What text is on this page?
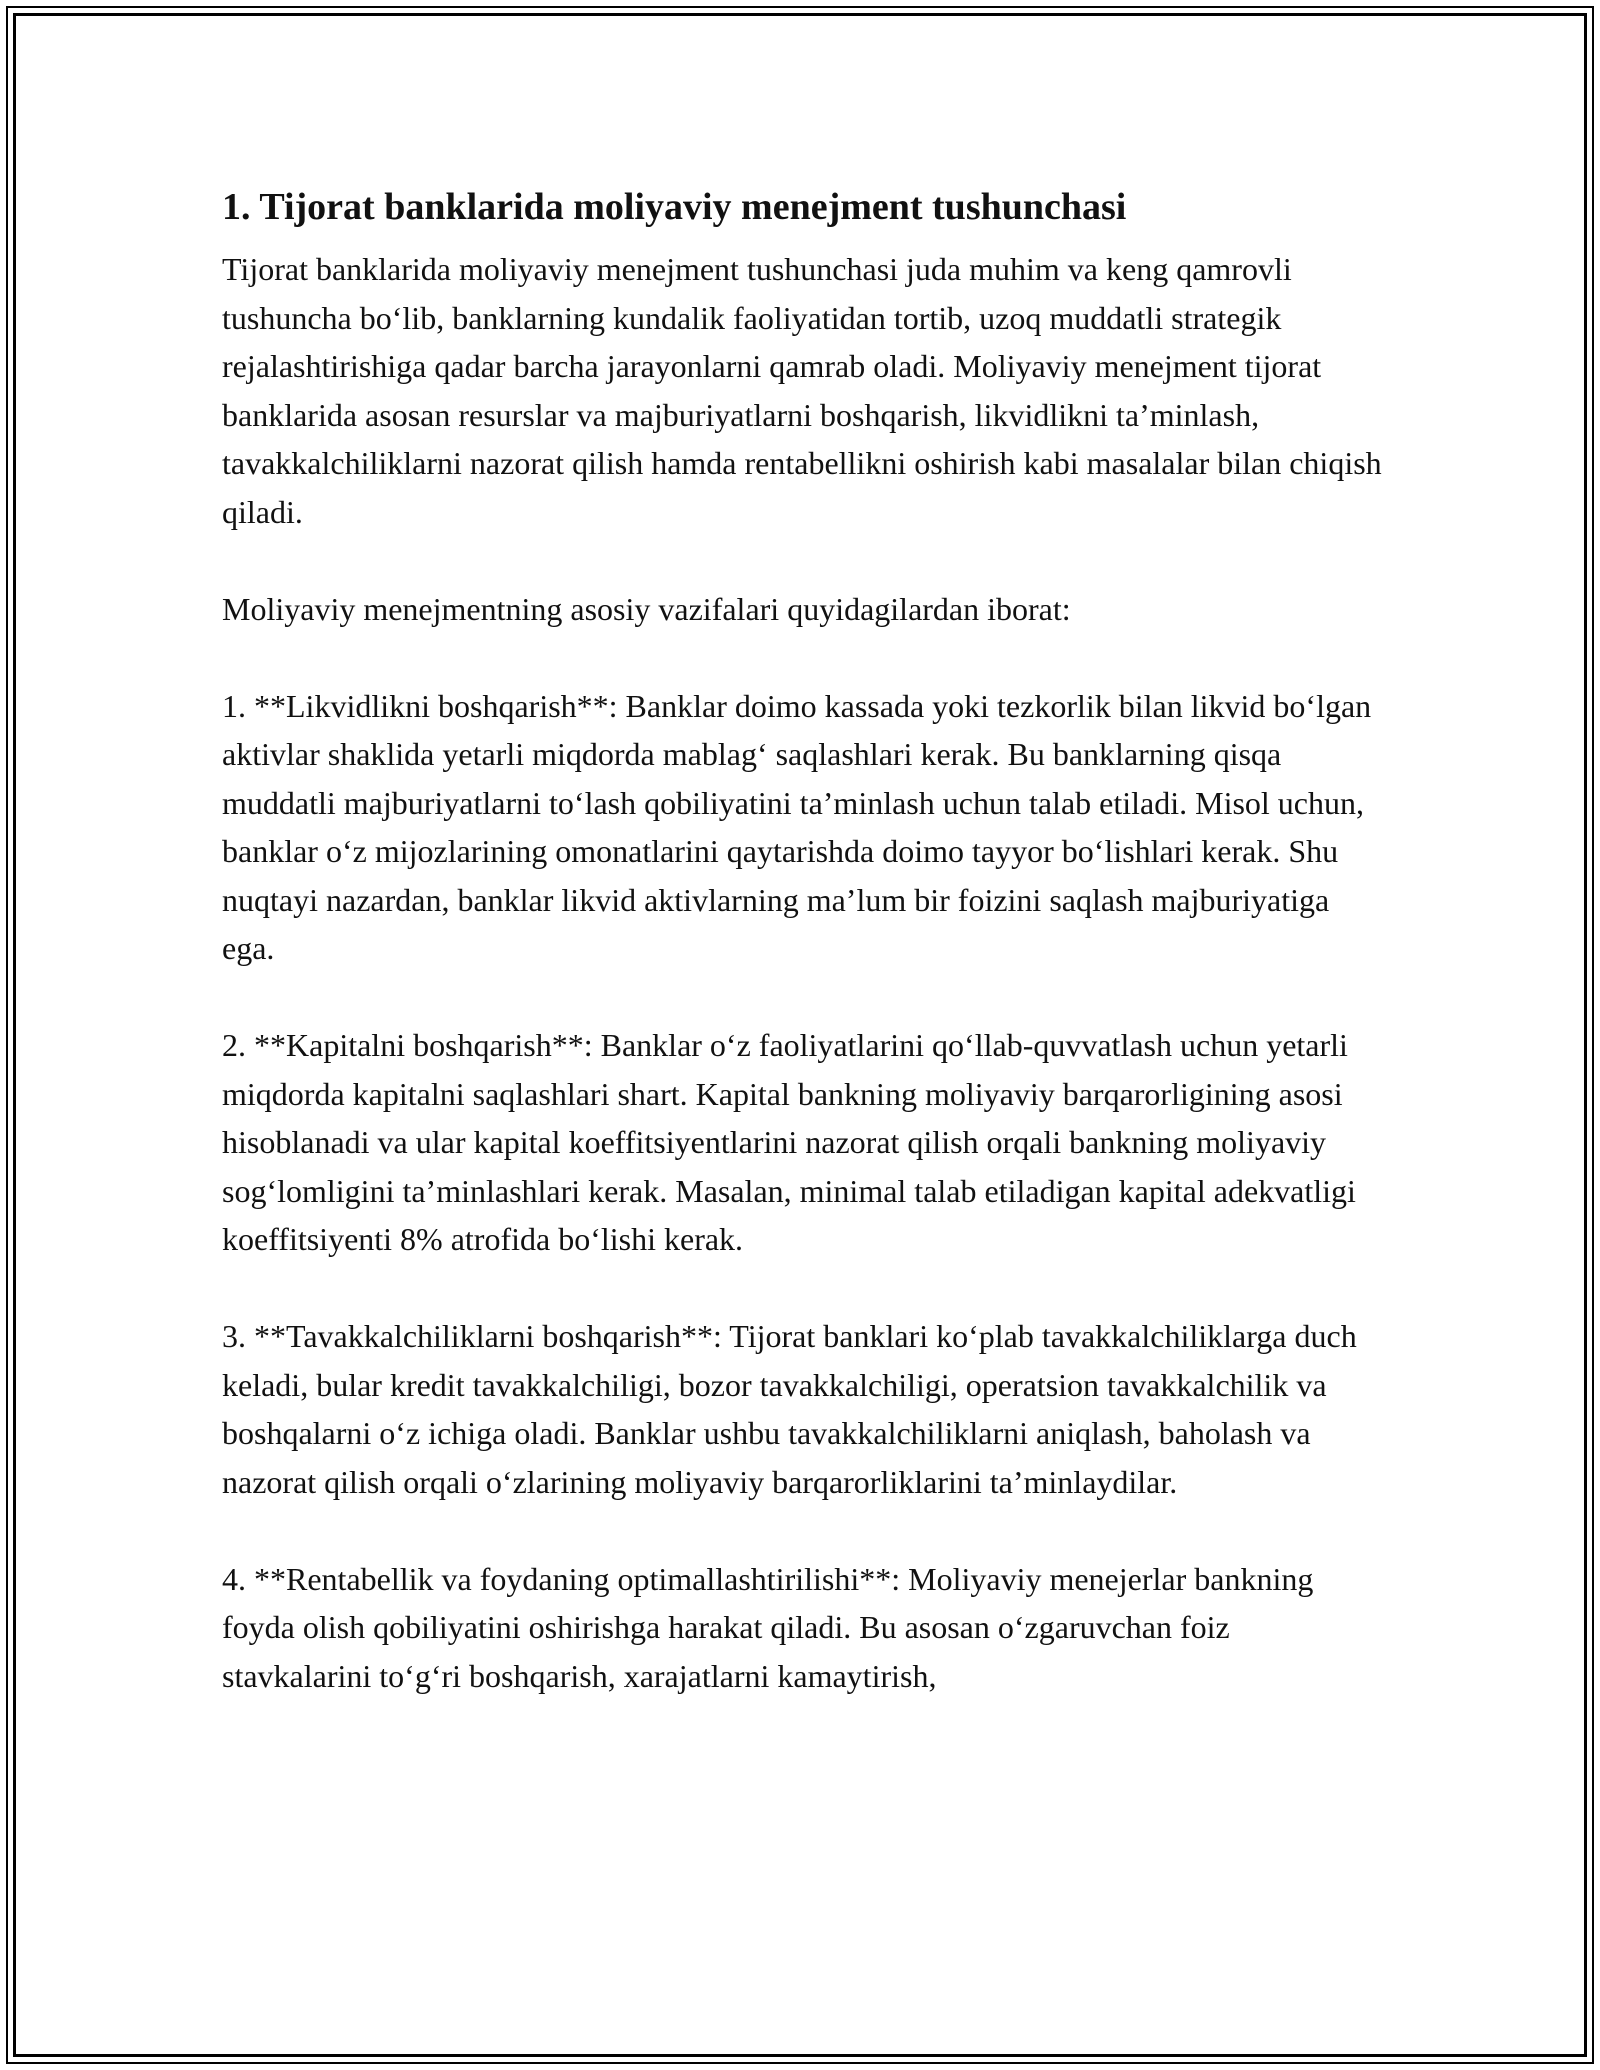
1. Tijorat banklarida moliyaviy menejment tushunchasi

Tijorat banklarida moliyaviy menejment tushunchasi juda muhim va keng qamrovli tushuncha bo‘lib, banklarning kundalik faoliyatidan tortib, uzoq muddatli strategik rejalashtirishiga qadar barcha jarayonlarni qamrab oladi. Moliyaviy menejment tijorat banklarida asosan resurslar va majburiyatlarni boshqarish, likvidlikni ta’minlash, tavakkalchiliklarni nazorat qilish hamda rentabellikni oshirish kabi masalalar bilan chiqish qiladi.

Moliyaviy menejmentning asosiy vazifalari quyidagilardan iborat:

1. **Likvidlikni boshqarish**: Banklar doimo kassada yoki tezkorlik bilan likvid bo‘lgan aktivlar shaklida yetarli miqdorda mablag‘ saqlashlari kerak. Bu banklarning qisqa muddatli majburiyatlarni to‘lash qobiliyatini ta’minlash uchun talab etiladi. Misol uchun, banklar o‘z mijozlarining omonatlarini qaytarishda doimo tayyor bo‘lishlari kerak. Shu nuqtayi nazardan, banklar likvid aktivlarning ma’lum bir foizini saqlash majburiyatiga ega.

2. **Kapitalni boshqarish**: Banklar o‘z faoliyatlarini qo‘llab-quvvatlash uchun yetarli miqdorda kapitalni saqlashlari shart. Kapital bankning moliyaviy barqarorligining asosi hisoblanadi va ular kapital koeffitsiyentlarini nazorat qilish orqali bankning moliyaviy sog‘lomligini ta’minlashlari kerak. Masalan, minimal talab etiladigan kapital adekvatligi koeffitsiyenti 8% atrofida bo‘lishi kerak.

3. **Tavakkalchiliklarni boshqarish**: Tijorat banklari ko‘plab tavakkalchiliklarga duch keladi, bular kredit tavakkalchiligi, bozor tavakkalchiligi, operatsion tavakkalchilik va boshqalarni o‘z ichiga oladi. Banklar ushbu tavakkalchiliklarni aniqlash, baholash va nazorat qilish orqali o‘zlarining moliyaviy barqarorliklarini ta’minlaydilar.

4. **Rentabellik va foydaning optimallashtirilishi**: Moliyaviy menejerlar bankning foyda olish qobiliyatini oshirishga harakat qiladi. Bu asosan o‘zgaruvchan foiz stavkalarini to‘g‘ri boshqarish, xarajatlarni kamaytirish,
